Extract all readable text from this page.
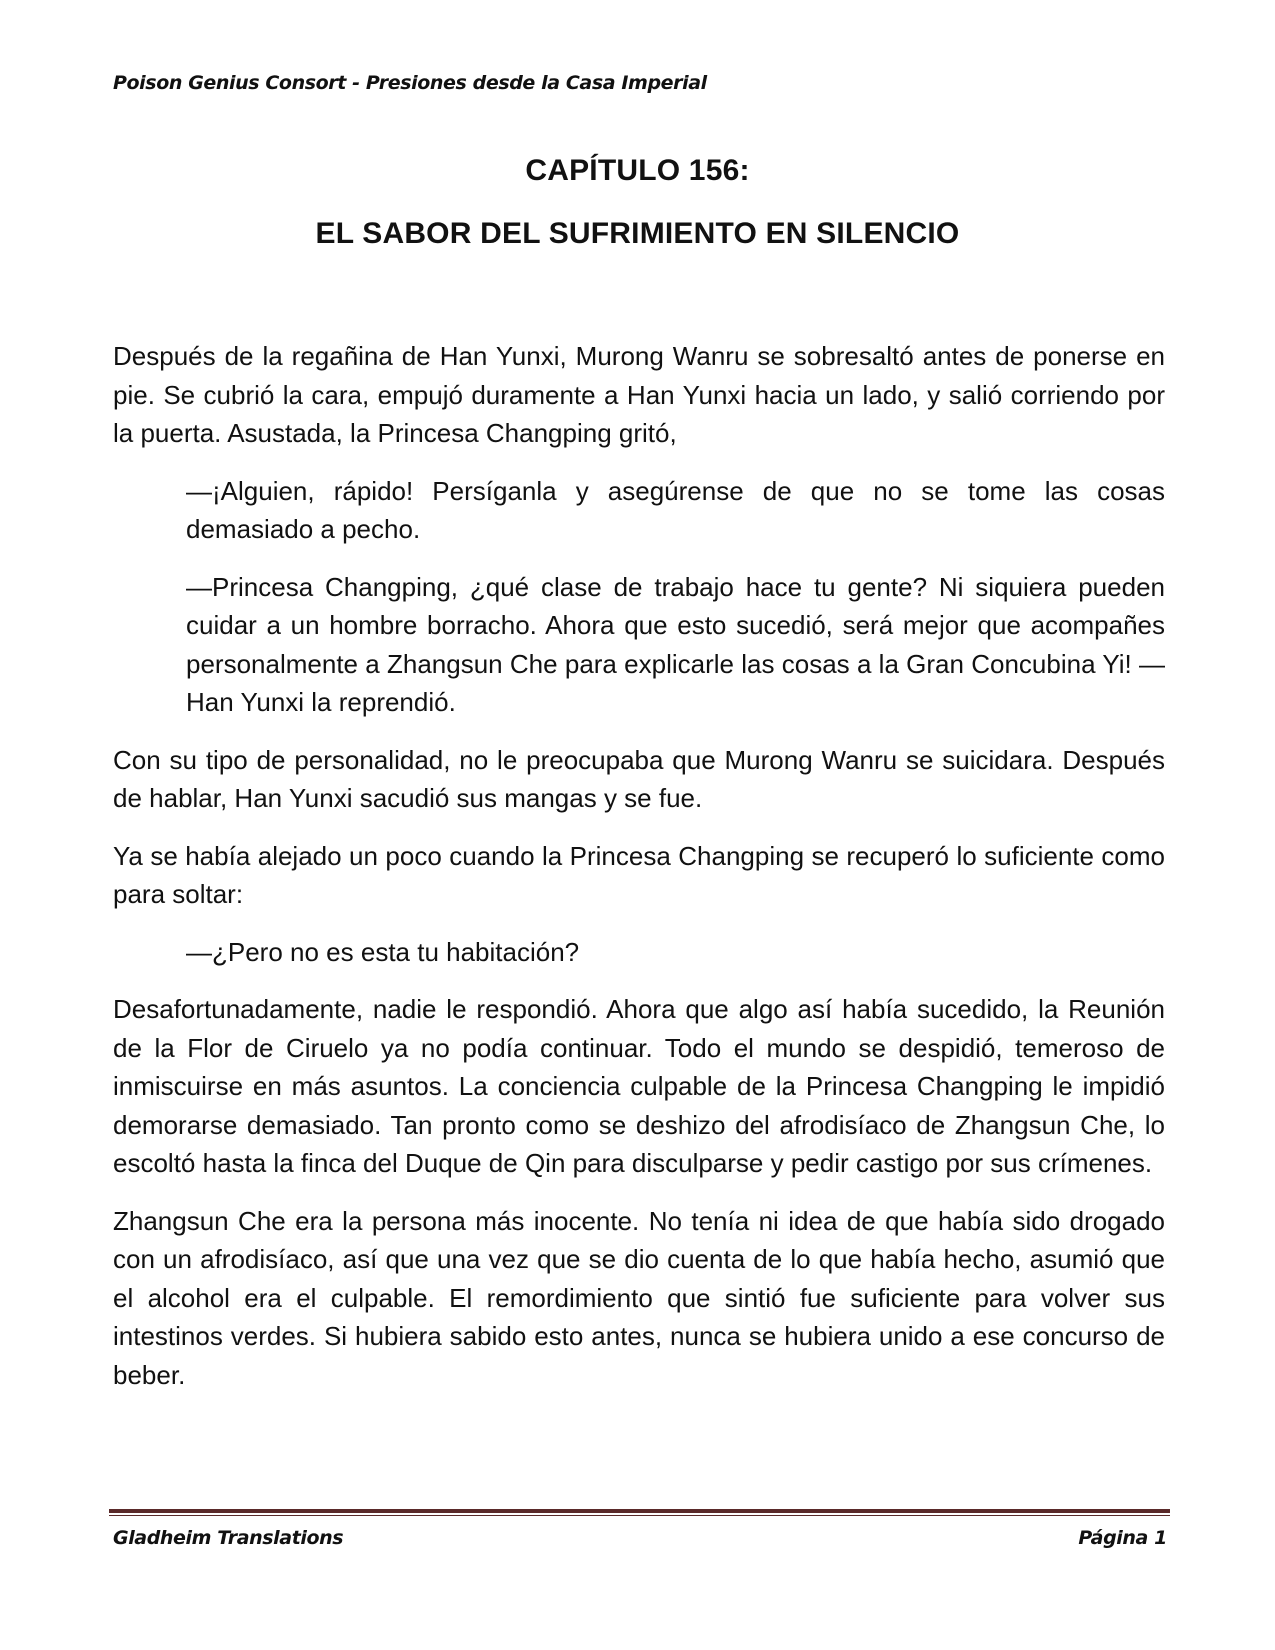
Poison Genius Consort - Presiones desde la Casa Imperial
CAPÍTULO 156:
EL SABOR DEL SUFRIMIENTO EN SILENCIO

Después de la regañina de Han Yunxi, Murong Wanru se sobresaltó antes de ponerse en pie. Se cubrió la cara, empujó duramente a Han Yunxi hacia un lado, y salió corriendo por la puerta. Asustada, la Princesa Changping gritó,

—¡Alguien, rápido! Persíganla y asegúrense de que no se tome las cosas demasiado a pecho.

—Princesa Changping, ¿qué clase de trabajo hace tu gente? Ni siquiera pueden cuidar a un hombre borracho. Ahora que esto sucedió, será mejor que acompañes personalmente a Zhangsun Che para explicarle las cosas a la Gran Concubina Yi! —Han Yunxi la reprendió.

Con su tipo de personalidad, no le preocupaba que Murong Wanru se suicidara. Después de hablar, Han Yunxi sacudió sus mangas y se fue.

Ya se había alejado un poco cuando la Princesa Changping se recuperó lo suficiente como para soltar:

—¿Pero no es esta tu habitación?

Desafortunadamente, nadie le respondió. Ahora que algo así había sucedido, la Reunión de la Flor de Ciruelo ya no podía continuar. Todo el mundo se despidió, temeroso de inmiscuirse en más asuntos. La conciencia culpable de la Princesa Changping le impidió demorarse demasiado. Tan pronto como se deshizo del afrodisíaco de Zhangsun Che, lo escoltó hasta la finca del Duque de Qin para disculparse y pedir castigo por sus crímenes.

Zhangsun Che era la persona más inocente. No tenía ni idea de que había sido drogado con un afrodisíaco, así que una vez que se dio cuenta de lo que había hecho, asumió que el alcohol era el culpable. El remordimiento que sintió fue suficiente para volver sus intestinos verdes. Si hubiera sabido esto antes, nunca se hubiera unido a ese concurso de beber.

Gladheim Translations	Página 1
